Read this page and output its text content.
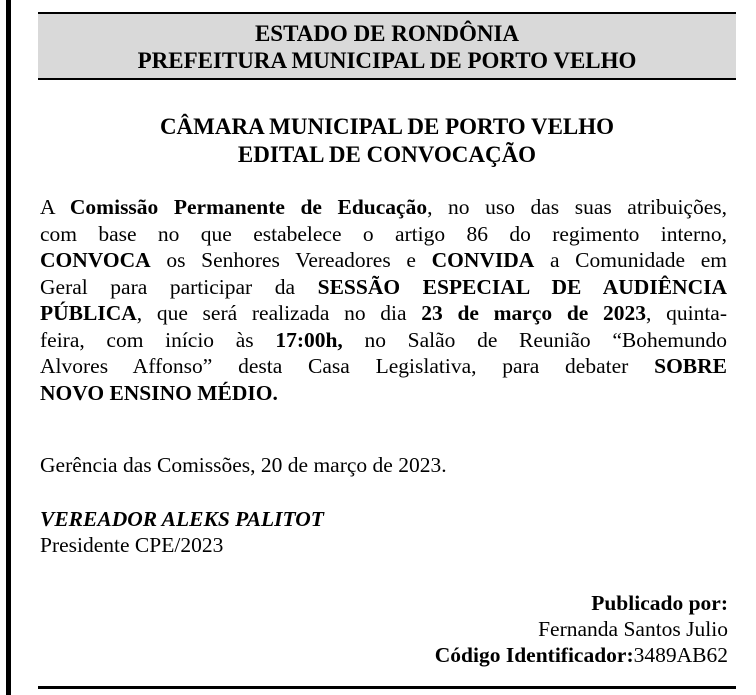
ESTADO DE RONDÔNIA
PREFEITURA MUNICIPAL DE PORTO VELHO
CÂMARA MUNICIPAL DE PORTO VELHO
EDITAL DE CONVOCAÇÃO
A Comissão Permanente de Educação, no uso das suas atribuições,
com base no que estabelece o artigo 86 do regimento interno,
CONVOCA os Senhores Vereadores e CONVIDA a Comunidade em
Geral para participar da SESSÃO ESPECIAL DE AUDIÊNCIA
PÚBLICA, que será realizada no dia 23 de março de 2023, quinta-
feira, com início às 17:00h, no Salão de Reunião “Bohemundo
Alvores Affonso” desta Casa Legislativa, para debater SOBRE
NOVO ENSINO MÉDIO.
Gerência das Comissões, 20 de março de 2023.
VEREADOR ALEKS PALITOT
Presidente CPE/2023
Publicado por:
Fernanda Santos Julio
Código Identificador:3489AB62
